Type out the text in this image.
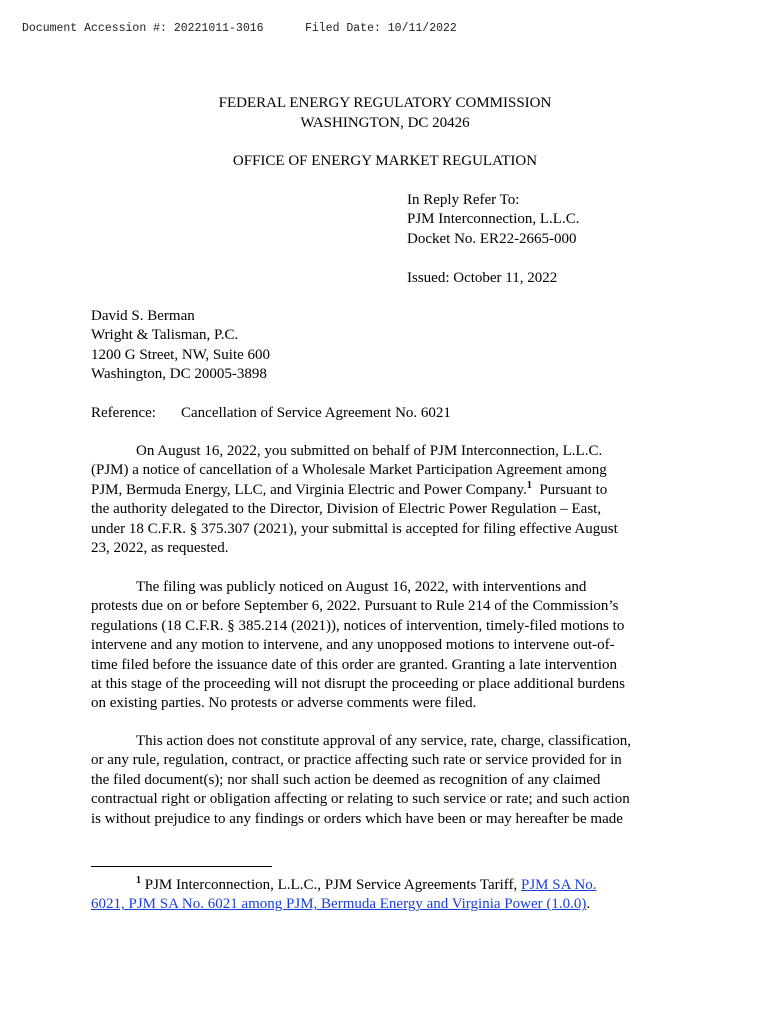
Document Accession #: 20221011-3016	Filed Date: 10/11/2022
FEDERAL ENERGY REGULATORY COMMISSION
WASHINGTON, DC 20426
OFFICE OF ENERGY MARKET REGULATION
In Reply Refer To:
PJM Interconnection, L.L.C.
Docket No. ER22-2665-000
Issued: October 11, 2022
David S. Berman
Wright & Talisman, P.C.
1200 G Street, NW, Suite 600
Washington, DC 20005-3898
Reference: Cancellation of Service Agreement No. 6021
On August 16, 2022, you submitted on behalf of PJM Interconnection, L.L.C.
(PJM) a notice of cancellation of a Wholesale Market Participation Agreement among
PJM, Bermuda Energy, LLC, and Virginia Electric and Power Company.$^1$  Pursuant to
the authority delegated to the Director, Division of Electric Power Regulation – East,
under 18 C.F.R. § 375.307 (2021), your submittal is accepted for filing effective August
23, 2022, as requested.
The filing was publicly noticed on August 16, 2022, with interventions and
protests due on or before September 6, 2022. Pursuant to Rule 214 of the Commission’s
regulations (18 C.F.R. § 385.214 (2021)), notices of intervention, timely-filed motions to
intervene and any motion to intervene, and any unopposed motions to intervene out-of-
time filed before the issuance date of this order are granted. Granting a late intervention
at this stage of the proceeding will not disrupt the proceeding or place additional burdens
on existing parties. No protests or adverse comments were filed.
This action does not constitute approval of any service, rate, charge, classification,
or any rule, regulation, contract, or practice affecting such rate or service provided for in
the filed document(s); nor shall such action be deemed as recognition of any claimed
contractual right or obligation affecting or relating to such service or rate; and such action
is without prejudice to any findings or orders which have been or may hereafter be made
$^1$ PJM Interconnection, L.L.C., PJM Service Agreements Tariff, PJM SA No.
6021, PJM SA No. 6021 among PJM, Bermuda Energy and Virginia Power (1.0.0).
